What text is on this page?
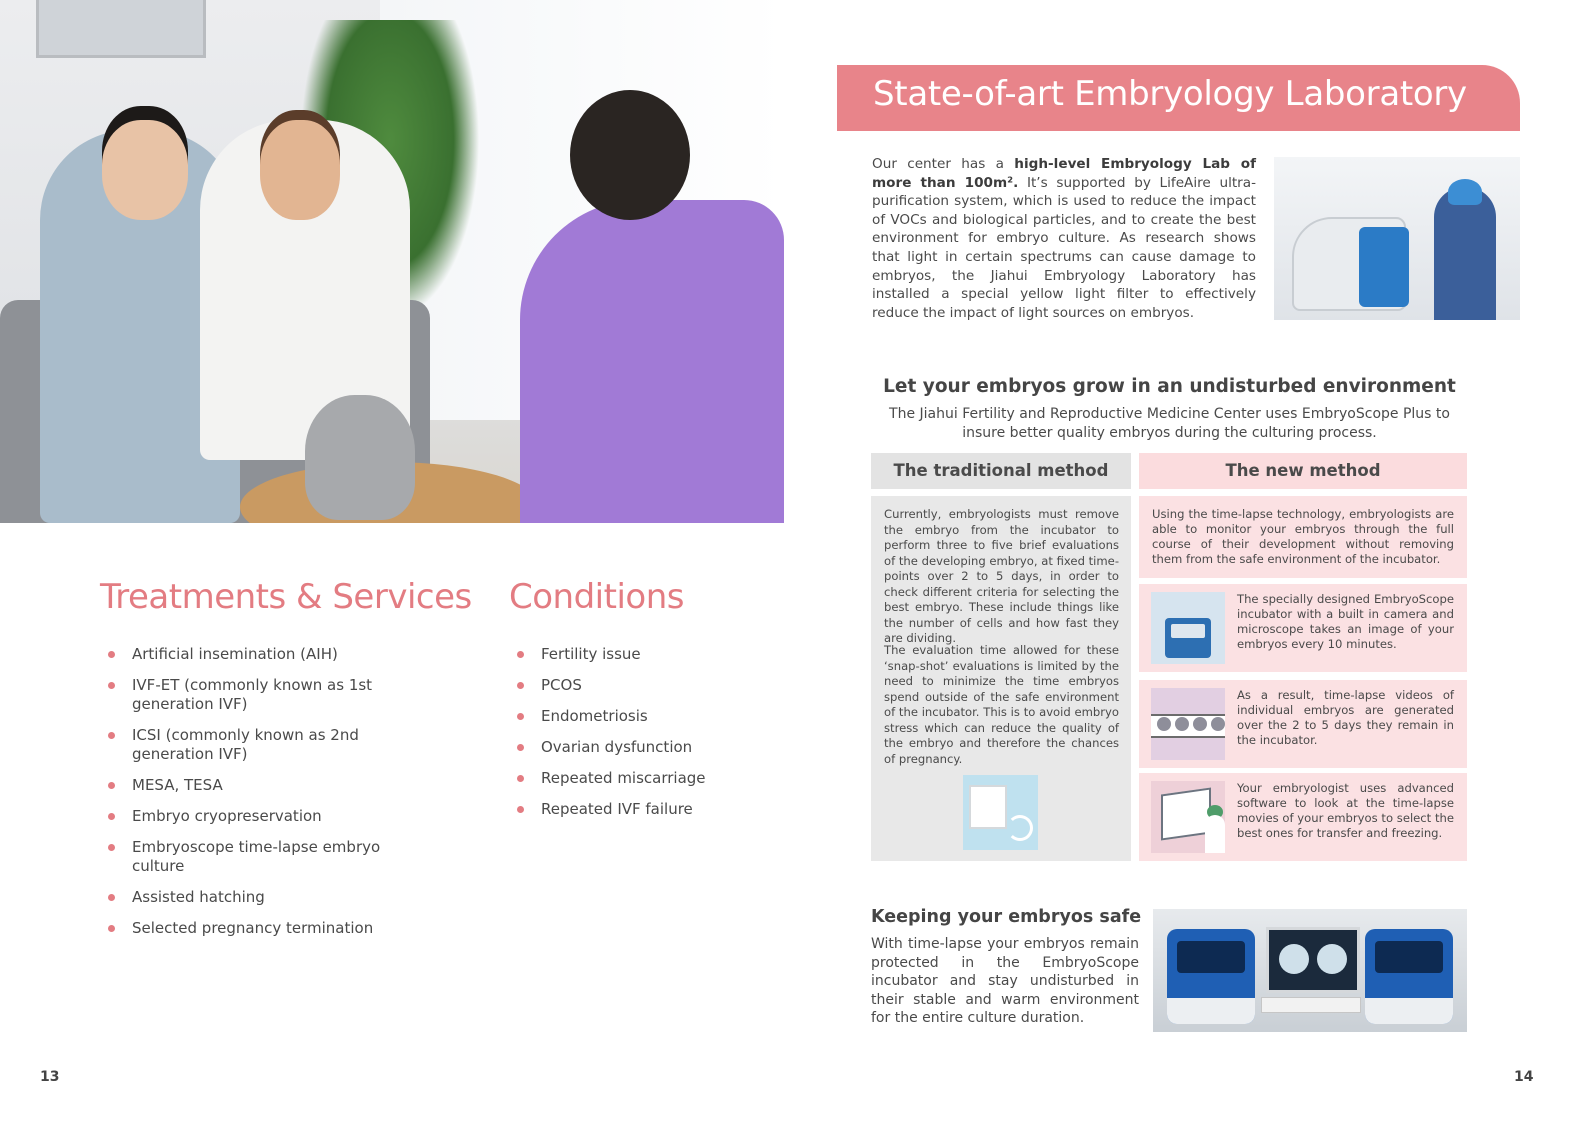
Treatments & Services
Artificial insemination (AIH)
IVF-ET (commonly known as 1st generation IVF)
ICSI (commonly known as 2nd generation IVF)
MESA, TESA
Embryo cryopreservation
Embryoscope time-lapse embryo culture
Assisted hatching
Selected pregnancy termination
Conditions
Fertility issue
PCOS
Endometriosis
Ovarian dysfunction
Repeated miscarriage
Repeated IVF failure
13
State-of-art Embryology Laboratory
Our center has a high-level Embryology Lab of more than 100m². It’s supported by LifeAire ultra-purification system, which is used to reduce the impact of VOCs and biological particles, and to create the best environment for embryo culture. As research shows that light in certain spectrums can cause damage to embryos, the Jiahui Embryology Laboratory has installed a special yellow light filter to effectively reduce the impact of light sources on embryos.
Let your embryos grow in an undisturbed environment
The Jiahui Fertility and Reproductive Medicine Center uses EmbryoScope Plus to insure better quality embryos during the culturing process.
The traditional method	The new method

Currently, embryologists must remove the embryo from the incubator to perform three to five brief evaluations of the developing embryo, at fixed time-points over 2 to 5 days, in order to check different criteria for selecting the best embryo. These include things like the number of cells and how fast they are dividing.

The evaluation time allowed for these ‘snap-shot’ evaluations is limited by the need to minimize the time embryos spend outside of the safe environment of the incubator. This is to avoid embryo stress which can reduce the quality of the embryo and therefore the chances of pregnancy.

Using the time-lapse technology, embryologists are able to monitor your embryos through the full course of their development without removing them from the safe environment of the incubator.

The specially designed EmbryoScope incubator with a built in camera and microscope takes an image of your embryos every 10 minutes.

As a result, time-lapse videos of individual embryos are generated over the 2 to 5 days they remain in the incubator.

Your embryologist uses advanced software to look at the time-lapse movies of your embryos to select the best ones for transfer and freezing.

Keeping your embryos safe
With time-lapse your embryos remain protected in the EmbryoScope incubator and stay undisturbed in their stable and warm environment for the entire culture duration.
14
